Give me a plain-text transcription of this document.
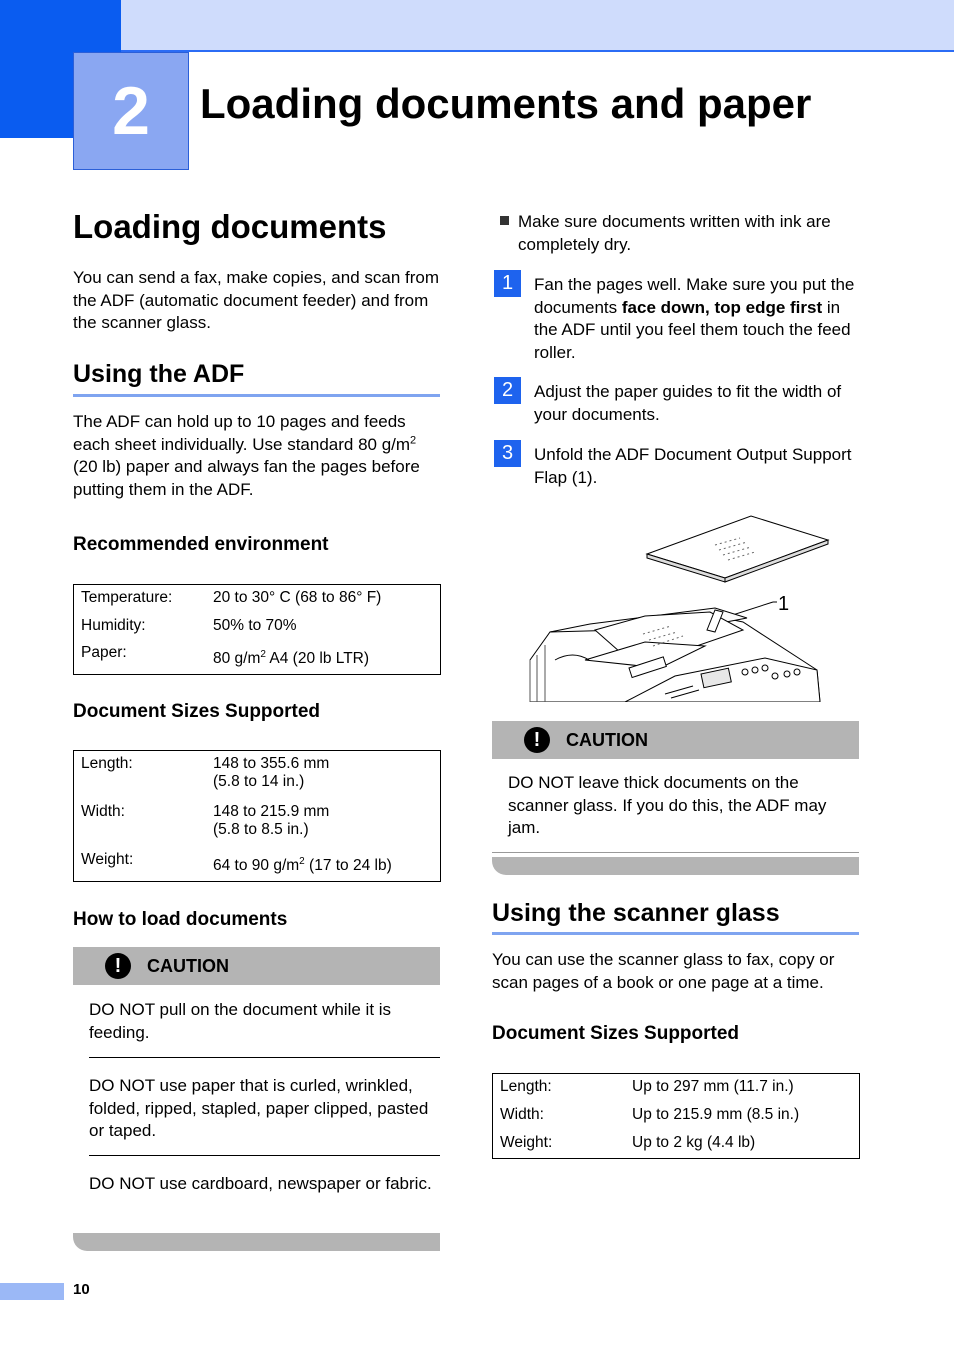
2 Loading documents and paper
Loading documents
You can send a fax, make copies, and scan from the ADF (automatic document feeder) and from the scanner glass.
Using the ADF
The ADF can hold up to 10 pages and feeds each sheet individually. Use standard 80 $g/m^2$ (20 lb) paper and always fan the pages before putting them in the ADF.
Recommended environment
Temperature:	20 to 30° C (68 to 86° F)
Humidity:	50% to 70%
Paper:	80 $g/m^2$ A4 (20 lb LTR)
Document Sizes Supported
Length:	148 to 355.6 mm
(5.8 to 14 in.)
Width:	148 to 215.9 mm
(5.8 to 8.5 in.)
Weight:	64 to 90 $g/m^2$ (17 to 24 lb)
How to load documents
!	CAUTION
DO NOT pull on the document while it is feeding.
DO NOT use paper that is curled, wrinkled, folded, ripped, stapled, paper clipped, pasted or taped.
DO NOT use cardboard, newspaper or fabric.
Make sure documents written with ink are completely dry.
1	Fan the pages well. Make sure you put the documents face down, top edge first in the ADF until you feel them touch the feed roller.
2	Adjust the paper guides to fit the width of your documents.
3	Unfold the ADF Document Output Support Flap (1).
1
!	CAUTION
DO NOT leave thick documents on the scanner glass. If you do this, the ADF may jam.
Using the scanner glass
You can use the scanner glass to fax, copy or scan pages of a book or one page at a time.
Document Sizes Supported
Length:	Up to 297 mm (11.7 in.)
Width:	Up to 215.9 mm (8.5 in.)
Weight:	Up to 2 kg (4.4 lb)
10
